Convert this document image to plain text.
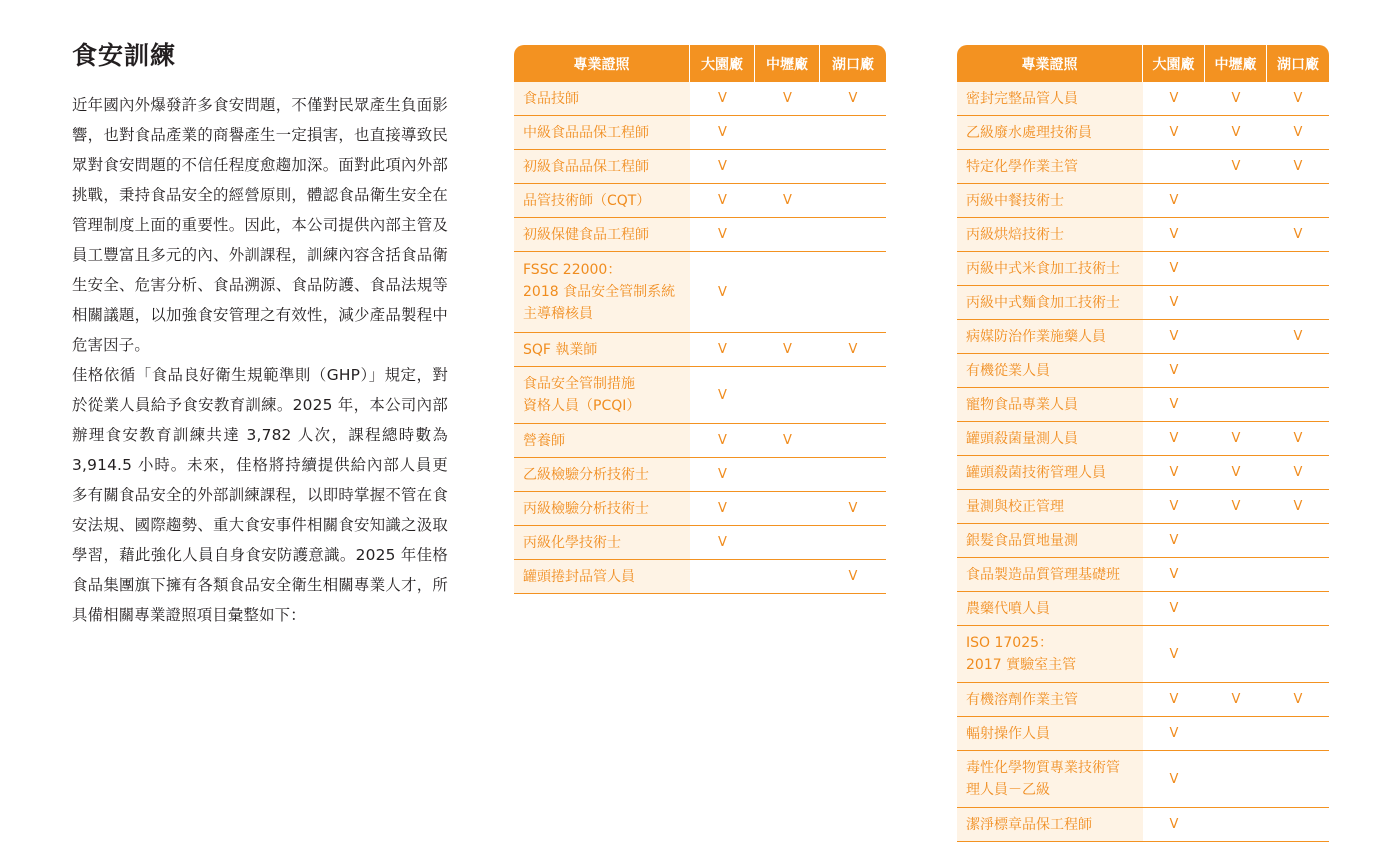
食安訓練

近年國內外爆發許多食安問題，不僅對民眾產生負面影響，也對食品產業的商譽產生一定損害，也直接導致民眾對食安問題的不信任程度愈趨加深。面對此項內外部挑戰，秉持食品安全的經營原則，體認食品衛生安全在管理制度上面的重要性。因此，本公司提供內部主管及員工豐富且多元的內、外訓課程，訓練內容含括食品衛生安全、危害分析、食品溯源、食品防護、食品法規等相關議題，以加強食安管理之有效性，減少產品製程中危害因子。

佳格依循「食品良好衛生規範準則（GHP）」規定，對於從業人員給予食安教育訓練。2025 年，本公司內部辦理食安教育訓練共達 3,782 人次，課程總時數為 3,914.5 小時。未來，佳格將持續提供給內部人員更多有關食品安全的外部訓練課程，以即時掌握不管在食安法規、國際趨勢、重大食安事件相關食安知識之汲取學習，藉此強化人員自身食安防護意識。2025 年佳格食品集團旗下擁有各類食品安全衛生相關專業人才，所具備相關專業證照項目彙整如下：

專業證照	大園廠	中壢廠	湖口廠
食品技師	V	V	V
中級食品品保工程師	V		
初級食品品保工程師	V		
品管技術師（CQT）	V	V	
初級保健食品工程師	V		
FSSC 22000：
2018 食品安全管制系統
主導稽核員	V		
SQF 執業師	V	V	V
食品安全管制措施
資格人員（PCQI）	V		
營養師	V	V	
乙級檢驗分析技術士	V		
丙級檢驗分析技術士	V		V
丙級化學技術士	V		
罐頭捲封品管人員			V
專業證照	大園廠	中壢廠	湖口廠
密封完整品管人員	V	V	V
乙級廢水處理技術員	V	V	V
特定化學作業主管		V	V
丙級中餐技術士	V		
丙級烘焙技術士	V		V
丙級中式米食加工技術士	V		
丙級中式麵食加工技術士	V		
病媒防治作業施藥人員	V		V
有機從業人員	V		
寵物食品專業人員	V		
罐頭殺菌量測人員	V	V	V
罐頭殺菌技術管理人員	V	V	V
量測與校正管理	V	V	V
銀髮食品質地量測	V		
食品製造品質管理基礎班	V		
農藥代噴人員	V		
ISO 17025：
2017 實驗室主管	V		
有機溶劑作業主管	V	V	V
輻射操作人員	V		
毒性化學物質專業技術管
理人員－乙級	V		
潔淨標章品保工程師	V		
